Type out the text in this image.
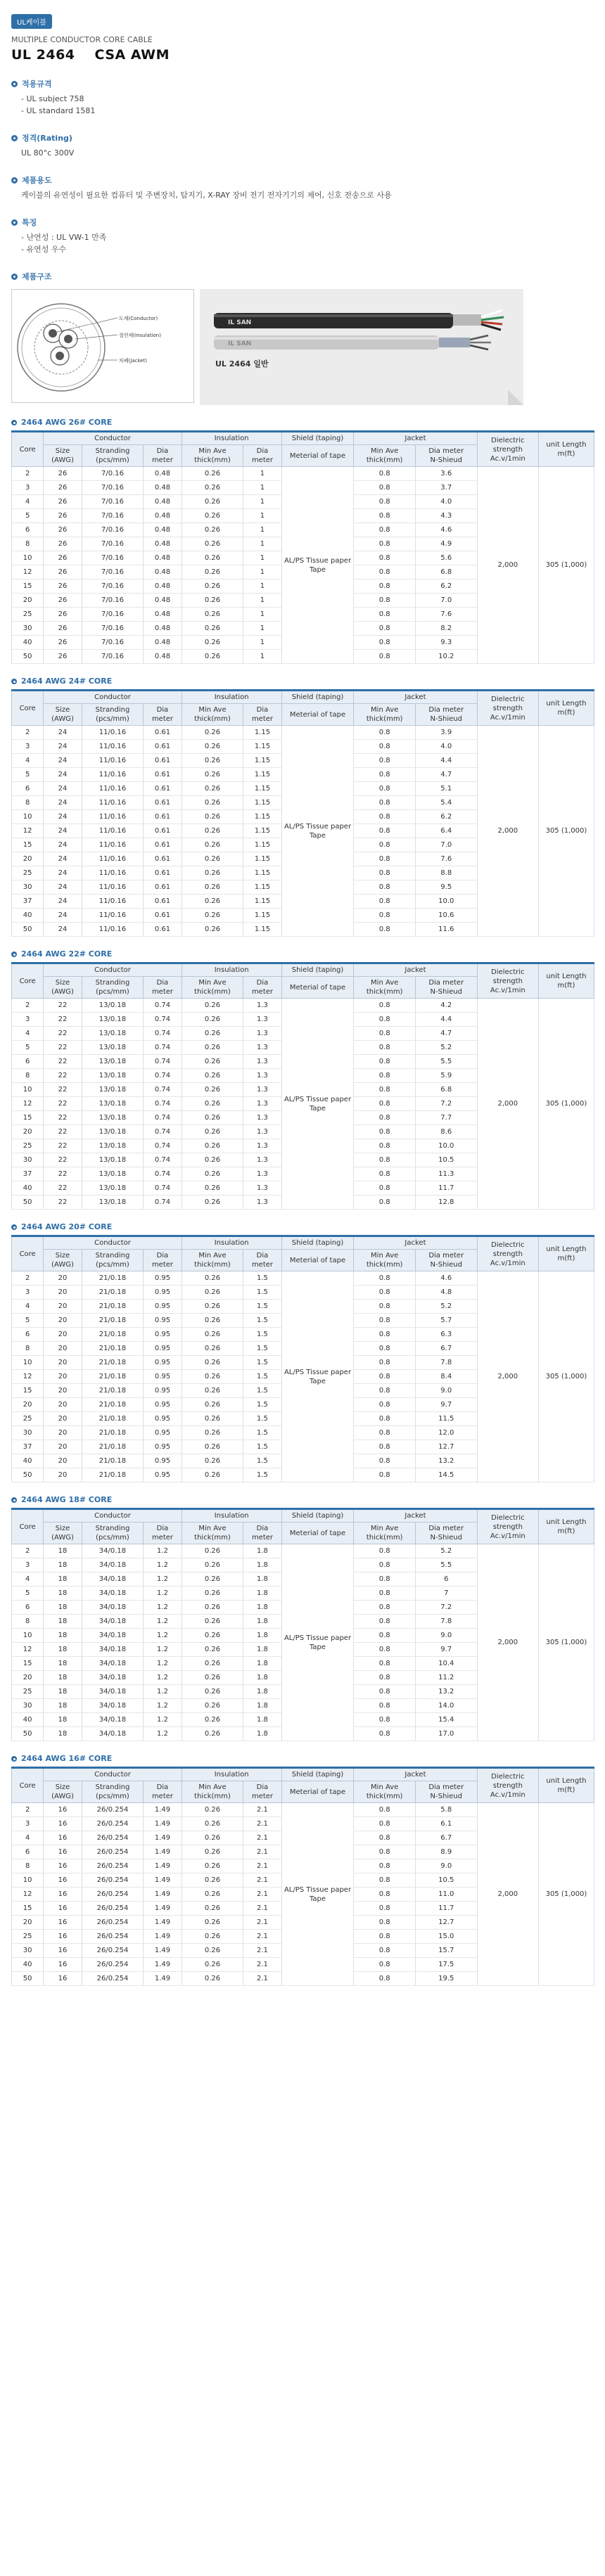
UL케이블
MULTIPLE CONDUCTOR CORE CABLE
UL 2464 CSA AWM
적용규격
- UL subject 758
- UL standard 1581
정격(Rating)
UL 80°c 300V
제품용도
케이블의 유연성이 필요한 컴퓨터 및 주변장치, 탐지기, X-RAY 장비 전기 전자기기의 제어, 신호 전송으로 사용
특징
- 난연성 : UL VW-1 만족
- 유연성 우수
제품구조
도체(Conductor)
절연체(Insulation)
차폐(Jacket)
IL SAN
IL SAN
UL 2464 일반
2464 AWG 26# CORE
Core	Conductor			Insulation		Shield (taping)	Jacket		Dielectric strength Ac.v/1min	unit Length m(ft)
	Size (AWG)	Stranding (pcs/mm)	Dia meter	Min Ave thick(mm)	Dia meter	Meterial of tape	Min Ave thick(mm)	Dia meter
N-Shieud		
2	26	7/0.16	0.48	0.26	1	AL/PS Tissue paper Tape	0.8	3.6	2,000	305 (1,000)
3	26	7/0.16	0.48	0.26	1		0.8	3.7		
4	26	7/0.16	0.48	0.26	1		0.8	4.0		
5	26	7/0.16	0.48	0.26	1		0.8	4.3		
6	26	7/0.16	0.48	0.26	1		0.8	4.6		
8	26	7/0.16	0.48	0.26	1		0.8	4.9		
10	26	7/0.16	0.48	0.26	1		0.8	5.6		
12	26	7/0.16	0.48	0.26	1		0.8	6.8		
15	26	7/0.16	0.48	0.26	1		0.8	6.2		
20	26	7/0.16	0.48	0.26	1		0.8	7.0		
25	26	7/0.16	0.48	0.26	1		0.8	7.6		
30	26	7/0.16	0.48	0.26	1		0.8	8.2		
40	26	7/0.16	0.48	0.26	1		0.8	9.3		
50	26	7/0.16	0.48	0.26	1		0.8	10.2		
2464 AWG 24# CORE
Core	Conductor			Insulation		Shield (taping)	Jacket		Dielectric strength Ac.v/1min	unit Length m(ft)
	Size (AWG)	Stranding (pcs/mm)	Dia meter	Min Ave thick(mm)	Dia meter	Meterial of tape	Min Ave thick(mm)	Dia meter
N-Shieud		
2	24	11/0.16	0.61	0.26	1.15	AL/PS Tissue paper Tape	0.8	3.9	2,000	305 (1,000)
3	24	11/0.16	0.61	0.26	1.15		0.8	4.0		
4	24	11/0.16	0.61	0.26	1.15		0.8	4.4		
5	24	11/0.16	0.61	0.26	1.15		0.8	4.7		
6	24	11/0.16	0.61	0.26	1.15		0.8	5.1		
8	24	11/0.16	0.61	0.26	1.15		0.8	5.4		
10	24	11/0.16	0.61	0.26	1.15		0.8	6.2		
12	24	11/0.16	0.61	0.26	1.15		0.8	6.4		
15	24	11/0.16	0.61	0.26	1.15		0.8	7.0		
20	24	11/0.16	0.61	0.26	1.15		0.8	7.6		
25	24	11/0.16	0.61	0.26	1.15		0.8	8.8		
30	24	11/0.16	0.61	0.26	1.15		0.8	9.5		
37	24	11/0.16	0.61	0.26	1.15		0.8	10.0		
40	24	11/0.16	0.61	0.26	1.15		0.8	10.6		
50	24	11/0.16	0.61	0.26	1.15		0.8	11.6		
2464 AWG 22# CORE
Core	Conductor			Insulation		Shield (taping)	Jacket		Dielectric strength Ac.v/1min	unit Length m(ft)
	Size (AWG)	Stranding (pcs/mm)	Dia meter	Min Ave thick(mm)	Dia meter	Meterial of tape	Min Ave thick(mm)	Dia meter
N-Shieud		
2	22	13/0.18	0.74	0.26	1.3	AL/PS Tissue paper Tape	0.8	4.2	2,000	305 (1,000)
3	22	13/0.18	0.74	0.26	1.3		0.8	4.4		
4	22	13/0.18	0.74	0.26	1.3		0.8	4.7		
5	22	13/0.18	0.74	0.26	1.3		0.8	5.2		
6	22	13/0.18	0.74	0.26	1.3		0.8	5.5		
8	22	13/0.18	0.74	0.26	1.3		0.8	5.9		
10	22	13/0.18	0.74	0.26	1.3		0.8	6.8		
12	22	13/0.18	0.74	0.26	1.3		0.8	7.2		
15	22	13/0.18	0.74	0.26	1.3		0.8	7.7		
20	22	13/0.18	0.74	0.26	1.3		0.8	8.6		
25	22	13/0.18	0.74	0.26	1.3		0.8	10.0		
30	22	13/0.18	0.74	0.26	1.3		0.8	10.5		
37	22	13/0.18	0.74	0.26	1.3		0.8	11.3		
40	22	13/0.18	0.74	0.26	1.3		0.8	11.7		
50	22	13/0.18	0.74	0.26	1.3		0.8	12.8		
2464 AWG 20# CORE
Core	Conductor			Insulation		Shield (taping)	Jacket		Dielectric strength Ac.v/1min	unit Length m(ft)
	Size (AWG)	Stranding (pcs/mm)	Dia meter	Min Ave thick(mm)	Dia meter	Meterial of tape	Min Ave thick(mm)	Dia meter
N-Shieud		
2	20	21/0.18	0.95	0.26	1.5	AL/PS Tissue paper Tape	0.8	4.6	2,000	305 (1,000)
3	20	21/0.18	0.95	0.26	1.5		0.8	4.8		
4	20	21/0.18	0.95	0.26	1.5		0.8	5.2		
5	20	21/0.18	0.95	0.26	1.5		0.8	5.7		
6	20	21/0.18	0.95	0.26	1.5		0.8	6.3		
8	20	21/0.18	0.95	0.26	1.5		0.8	6.7		
10	20	21/0.18	0.95	0.26	1.5		0.8	7.8		
12	20	21/0.18	0.95	0.26	1.5		0.8	8.4		
15	20	21/0.18	0.95	0.26	1.5		0.8	9.0		
20	20	21/0.18	0.95	0.26	1.5		0.8	9.7		
25	20	21/0.18	0.95	0.26	1.5		0.8	11.5		
30	20	21/0.18	0.95	0.26	1.5		0.8	12.0		
37	20	21/0.18	0.95	0.26	1.5		0.8	12.7		
40	20	21/0.18	0.95	0.26	1.5		0.8	13.2		
50	20	21/0.18	0.95	0.26	1.5		0.8	14.5		
2464 AWG 18# CORE
Core	Conductor			Insulation		Shield (taping)	Jacket		Dielectric strength Ac.v/1min	unit Length m(ft)
	Size (AWG)	Stranding (pcs/mm)	Dia meter	Min Ave thick(mm)	Dia meter	Meterial of tape	Min Ave thick(mm)	Dia meter
N-Shieud		
2	18	34/0.18	1.2	0.26	1.8	AL/PS Tissue paper Tape	0.8	5.2	2,000	305 (1,000)
3	18	34/0.18	1.2	0.26	1.8		0.8	5.5		
4	18	34/0.18	1.2	0.26	1.8		0.8	6		
5	18	34/0.18	1.2	0.26	1.8		0.8	7		
6	18	34/0.18	1.2	0.26	1.8		0.8	7.2		
8	18	34/0.18	1.2	0.26	1.8		0.8	7.8		
10	18	34/0.18	1.2	0.26	1.8		0.8	9.0		
12	18	34/0.18	1.2	0.26	1.8		0.8	9.7		
15	18	34/0.18	1.2	0.26	1.8		0.8	10.4		
20	18	34/0.18	1.2	0.26	1.8		0.8	11.2		
25	18	34/0.18	1.2	0.26	1.8		0.8	13.2		
30	18	34/0.18	1.2	0.26	1.8		0.8	14.0		
40	18	34/0.18	1.2	0.26	1.8		0.8	15.4		
50	18	34/0.18	1.2	0.26	1.8		0.8	17.0		
2464 AWG 16# CORE
Core	Conductor			Insulation		Shield (taping)	Jacket		Dielectric strength Ac.v/1min	unit Length m(ft)
	Size (AWG)	Stranding (pcs/mm)	Dia meter	Min Ave thick(mm)	Dia meter	Meterial of tape	Min Ave thick(mm)	Dia meter
N-Shieud		
2	16	26/0.254	1.49	0.26	2.1	AL/PS Tissue paper Tape	0.8	5.8	2,000	305 (1,000)
3	16	26/0.254	1.49	0.26	2.1		0.8	6.1		
4	16	26/0.254	1.49	0.26	2.1		0.8	6.7		
6	16	26/0.254	1.49	0.26	2.1		0.8	8.9		
8	16	26/0.254	1.49	0.26	2.1		0.8	9.0		
10	16	26/0.254	1.49	0.26	2.1		0.8	10.5		
12	16	26/0.254	1.49	0.26	2.1		0.8	11.0		
15	16	26/0.254	1.49	0.26	2.1		0.8	11.7		
20	16	26/0.254	1.49	0.26	2.1		0.8	12.7		
25	16	26/0.254	1.49	0.26	2.1		0.8	15.0		
30	16	26/0.254	1.49	0.26	2.1		0.8	15.7		
40	16	26/0.254	1.49	0.26	2.1		0.8	17.5		
50	16	26/0.254	1.49	0.26	2.1		0.8	19.5		
